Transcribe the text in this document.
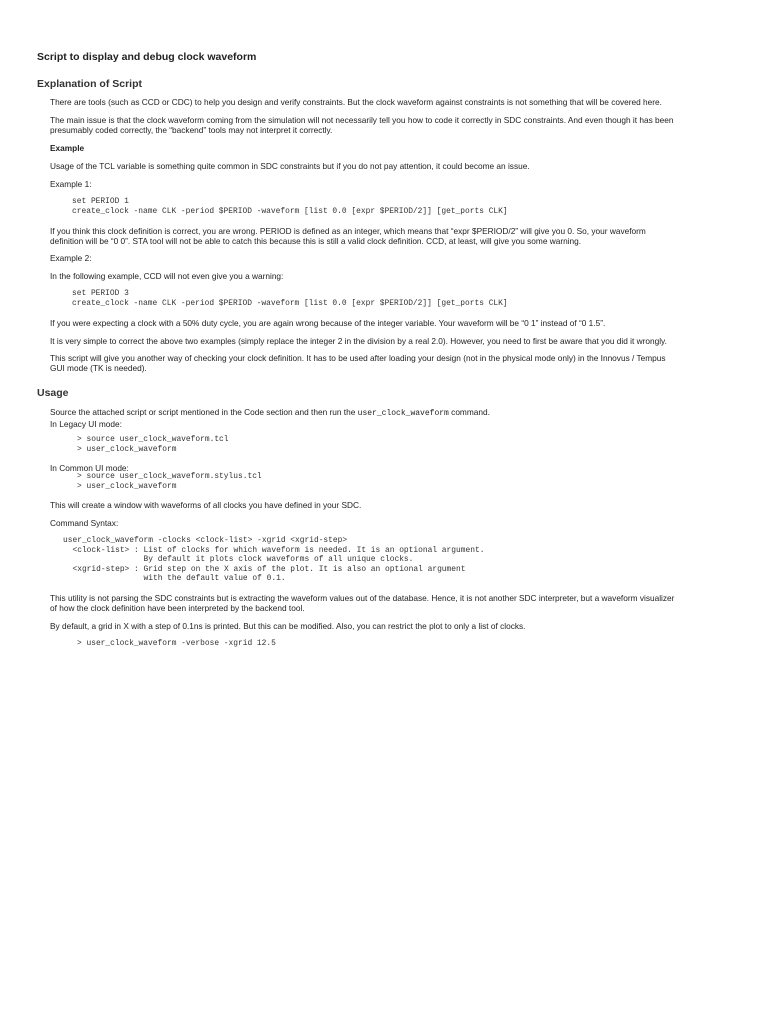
Script to display and debug clock waveform
Explanation of Script

There are tools (such as CCD or CDC) to help you design and verify constraints. But the clock waveform against constraints is not something that will be covered here.

The main issue is that the clock waveform coming from the simulation will not necessarily tell you how to code it correctly in SDC constraints. And even though it has been
presumably coded correctly, the “backend” tools may not interpret it correctly.

Example

Usage of the TCL variable is something quite common in SDC constraints but if you do not pay attention, it could become an issue.

Example 1:

set PERIOD 1
create_clock -name CLK -period $PERIOD -waveform [list 0.0 [expr $PERIOD/2]] [get_ports CLK]

If you think this clock definition is correct, you are wrong. PERIOD is defined as an integer, which means that “expr $PERIOD/2” will give you 0. So, your waveform
definition will be “0 0”. STA tool will not be able to catch this because this is still a valid clock definition. CCD, at least, will give you some warning.

Example 2:

In the following example, CCD will not even give you a warning:

set PERIOD 3
create_clock -name CLK -period $PERIOD -waveform [list 0.0 [expr $PERIOD/2]] [get_ports CLK]

If you were expecting a clock with a 50% duty cycle, you are again wrong because of the integer variable. Your waveform will be “0 1” instead of “0 1.5”.

It is very simple to correct the above two examples (simply replace the integer 2 in the division by a real 2.0). However, you need to first be aware that you did it wrongly.

This script will give you another way of checking your clock definition. It has to be used after loading your design (not in the physical mode only) in the Innovus / Tempus
GUI mode (TK is needed).

Usage

Source the attached script or script mentioned in the Code section and then run the user_clock_waveform command.
In Legacy UI mode:

> source user_clock_waveform.tcl
> user_clock_waveform

In Common UI mode:

> source user_clock_waveform.stylus.tcl
> user_clock_waveform

This will create a window with waveforms of all clocks you have defined in your SDC.

Command Syntax:

user_clock_waveform -clocks <clock-list> -xgrid <xgrid-step>
<clock-list> : List of clocks for which waveform is needed. It is an optional argument.
By default it plots clock waveforms of all unique clocks.
<xgrid-step> : Grid step on the X axis of the plot. It is also an optional argument
with the default value of 0.1.

This utility is not parsing the SDC constraints but is extracting the waveform values out of the database. Hence, it is not another SDC interpreter, but a waveform visualizer
of how the clock definition have been interpreted by the backend tool.

By default, a grid in X with a step of 0.1ns is printed. But this can be modified. Also, you can restrict the plot to only a list of clocks.

> user_clock_waveform -verbose -xgrid 12.5
